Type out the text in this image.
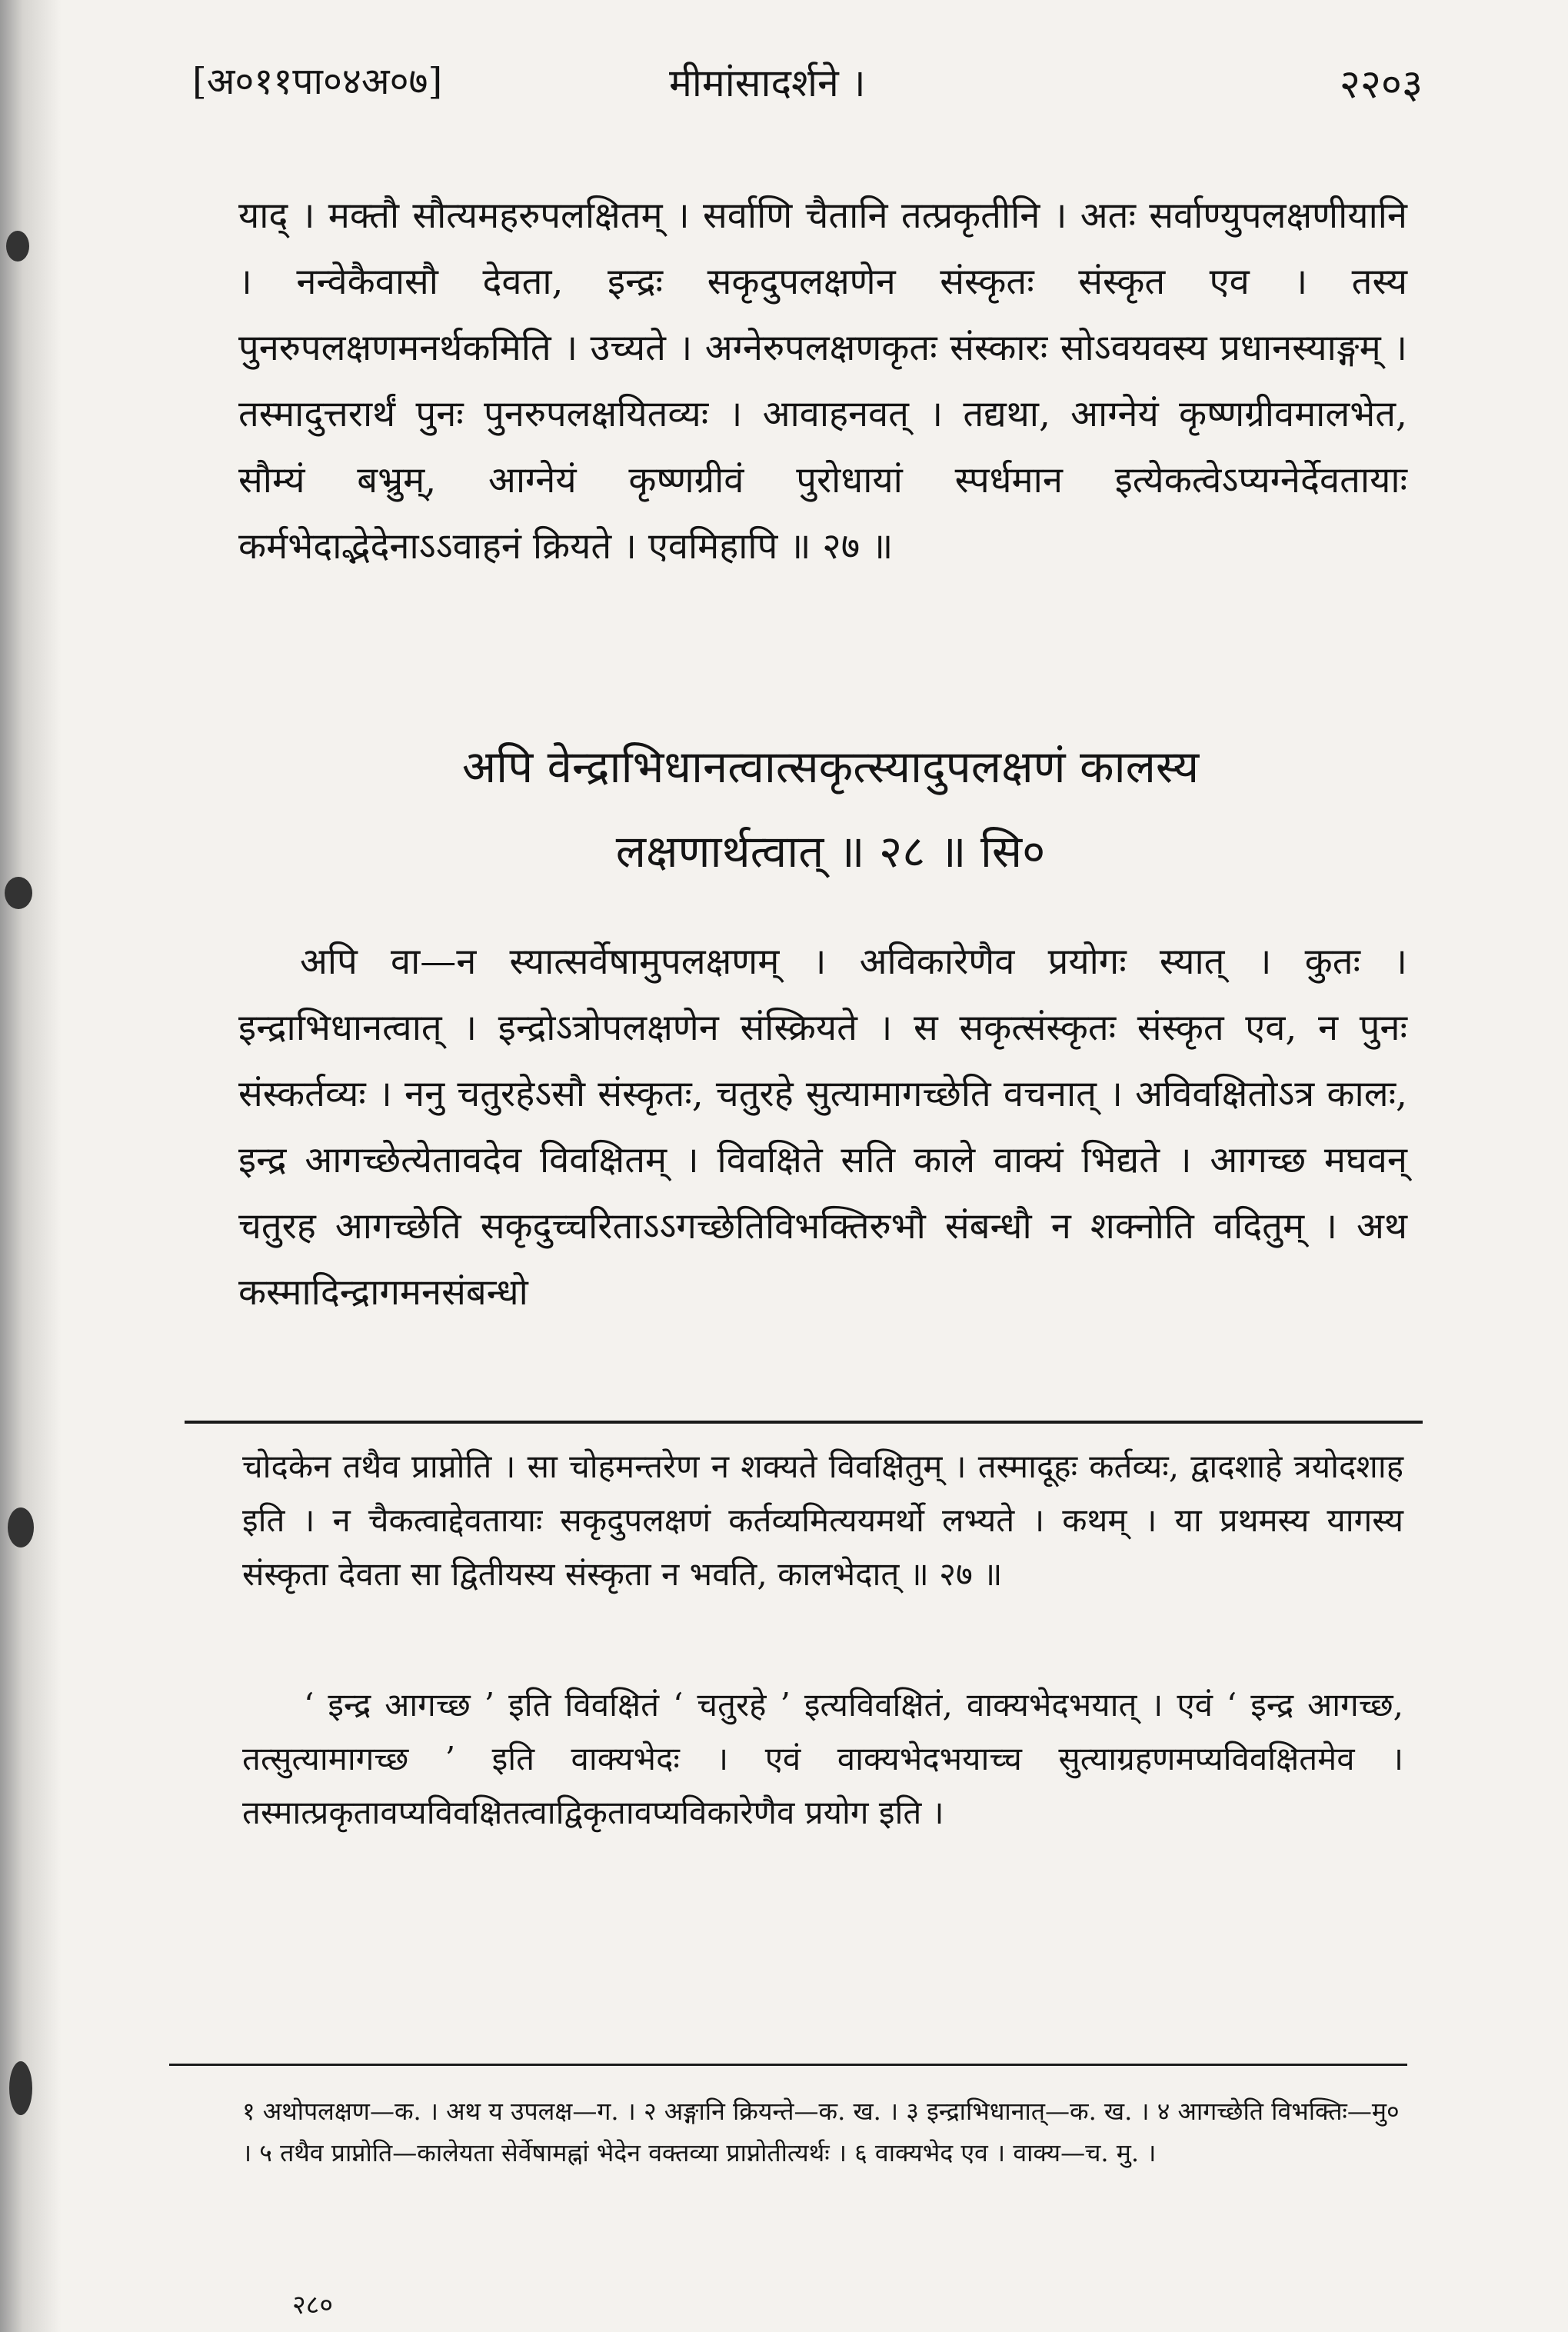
[अ०११पा०४अ०७]	मीमांसादर्शने ।	२२०३

याद् । मक्तौ सौत्यमहरुपलक्षितम् । सर्वाणि चैतानि तत्प्रकृतीनि । अतः सर्वाण्युपलक्षणीयानि । नन्वेकैवासौ देवता, इन्द्रः सकृदुपलक्षणेन संस्कृतः संस्कृत एव । तस्य पुनरुपलक्षणमनर्थकमिति । उच्यते । अग्नेरुपलक्षणकृतः संस्कारः सोऽवयवस्य प्रधानस्याङ्गम् । तस्मादुत्तरार्थं पुनः पुनरुपलक्षयितव्यः । आवाहनवत् । तद्यथा, आग्नेयं कृष्णग्रीवमालभेत, सौम्यं बभ्रुम्, आग्नेयं कृष्णग्रीवं पुरोधायां स्पर्धमान इत्येकत्वेऽप्यग्नेर्देवतायाः कर्मभेदाद्भेदेनाऽऽवाहनं क्रियते । एवमिहापि ॥ २७ ॥

अपि वेन्द्राभिधानत्वात्सकृत्स्यादुपलक्षणं कालस्य
लक्षणार्थत्वात् ॥ २८ ॥ सि०

अपि वा—न स्यात्सर्वेषामुपलक्षणम् । अविकारेणैव प्रयोगः स्यात् । कुतः । इन्द्राभिधानत्वात् । इन्द्रोऽत्रोपलक्षणेन संस्क्रियते । स सकृत्संस्कृतः संस्कृत एव, न पुनः संस्कर्तव्यः । ननु चतुरहेऽसौ संस्कृतः, चतुरहे सुत्यामागच्छेति वचनात् । अविवक्षितोऽत्र कालः, इन्द्र आगच्छेत्येतावदेव विवक्षितम् । विवक्षिते सति काले वाक्यं भिद्यते । आगच्छ मघवन् चतुरह आगच्छेति सकृदुच्चरिताऽऽगच्छेतिविभक्तिरुभौ संबन्धौ न शक्नोति वदितुम् । अथ कस्मादिन्द्रागमनसंबन्धो

चोदकेन तथैव प्राप्नोति । सा चोहमन्तरेण न शक्यते विवक्षितुम् । तस्मादूहः कर्तव्यः, द्वादशाहे त्रयोदशाह इति । न चैकत्वाद्देवतायाः सकृदुपलक्षणं कर्तव्यमित्ययमर्थो लभ्यते । कथम् । या प्रथमस्य यागस्य संस्कृता देवता सा द्वितीयस्य संस्कृता न भवति, कालभेदात् ॥ २७ ॥

‘ इन्द्र आगच्छ ’ इति विवक्षितं ‘ चतुरहे ’ इत्यविवक्षितं, वाक्यभेदभयात् । एवं ‘ इन्द्र आगच्छ, तत्सुत्यामागच्छ ’ इति वाक्यभेदः । एवं वाक्यभेदभयाच्च सुत्याग्रहणमप्यविवक्षितमेव । तस्मात्प्रकृतावप्यविवक्षितत्वाद्विकृतावप्यविकारेणैव प्रयोग इति ।

१ अथोपलक्षण—क. । अथ य उपलक्ष—ग. । २ अङ्गानि क्रियन्ते—क. ख. । ३ इन्द्राभिधानात्—क. ख. । ४ आगच्छेति विभक्तिः—मु० । ५ तथैव प्राप्नोति—कालेयता सेर्वेषामह्नां भेदेन वक्तव्या प्राप्नोतीत्यर्थः । ६ वाक्यभेद एव । वाक्य—च. मु. ।

२८०
